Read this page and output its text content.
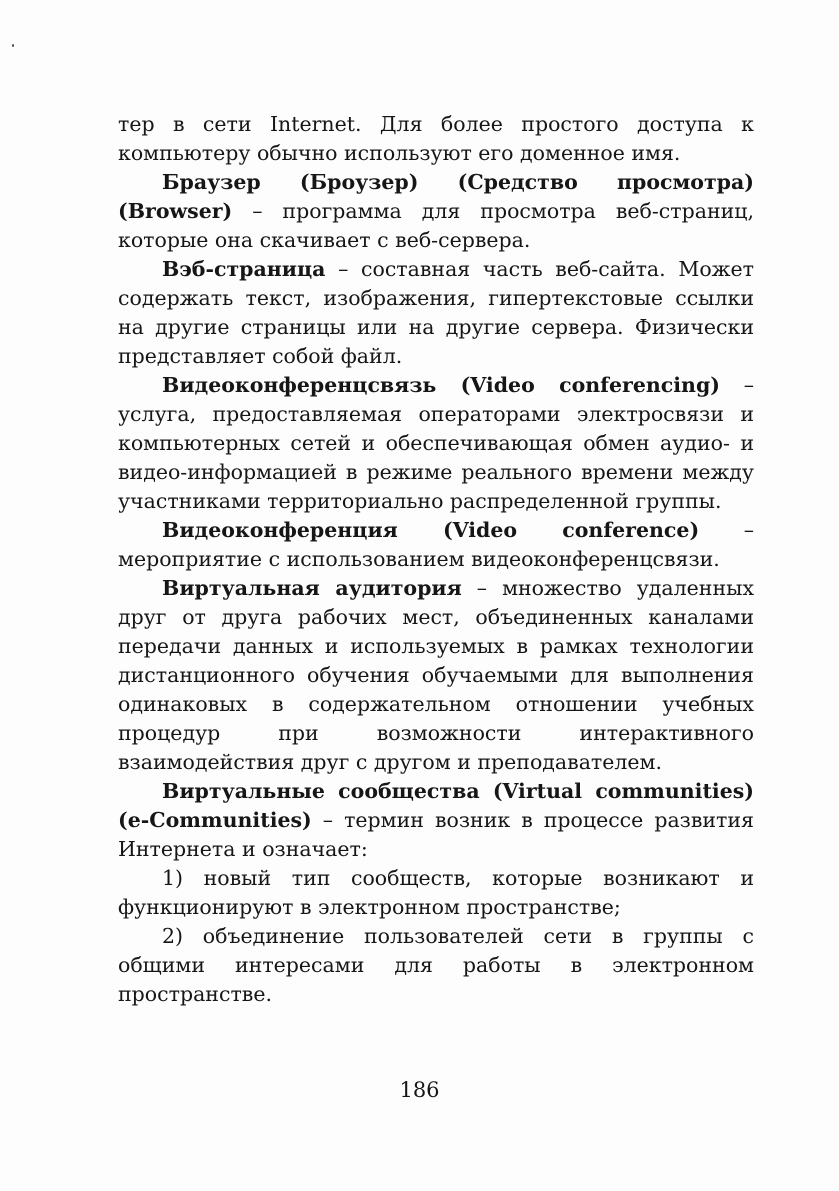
тер в сети Internet. Для более простого доступа к компьютеру обычно используют его доменное имя.

Браузер (Броузер) (Средство просмотра) (Browser) – программа для просмотра веб-страниц, которые она скачивает с веб-сервера.

Вэб-страница – составная часть веб-сайта. Может содержать текст, изображения, гипертекстовые ссылки на другие страницы или на другие сервера. Физически представляет собой файл.

Видеоконференцсвязь (Video conferencing) – услуга, предоставляемая операторами электросвязи и компьютерных сетей и обеспечивающая обмен аудио- и видео-информацией в режиме реального времени между участниками территориально распределенной группы.

Видеоконференция (Video conference) – мероприятие с использованием видеоконференцсвязи.

Виртуальная аудитория – множество удаленных друг от друга рабочих мест, объединенных каналами передачи данных и используемых в рамках технологии дистанционного обучения обучаемыми для выполнения одинаковых в содержательном отношении учебных процедур при возможности интерактивного взаимодействия друг с другом и преподавателем.

Виртуальные сообщества (Virtual communities) (e-Communities) – термин возник в процессе развития Интернета и означает:

1) новый тип сообществ, которые возникают и функционируют в электронном пространстве;

2) объединение пользователей сети в группы с общими интересами для работы в электронном пространстве.

186
